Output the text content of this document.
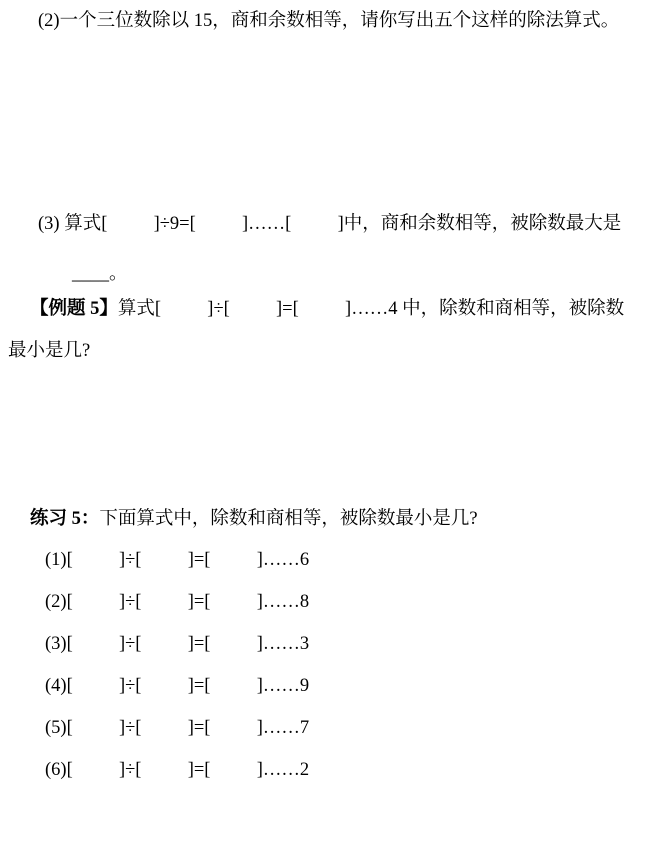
(2)一个三位数除以 15，商和余数相等，请你写出五个这样的除法算式。
(3) 算式[          ]÷9=[          ]……[          ]中，商和余数相等，被除数最大是
____。
【例题 5】算式[          ]÷[          ]=[          ]……4 中，除数和商相等，被除数
最小是几?
练习 5：下面算式中，除数和商相等，被除数最小是几?
(1)[          ]÷[          ]=[          ]……6
(2)[          ]÷[          ]=[          ]……8
(3)[          ]÷[          ]=[          ]……3
(4)[          ]÷[          ]=[          ]……9
(5)[          ]÷[          ]=[          ]……7
(6)[          ]÷[          ]=[          ]……2
